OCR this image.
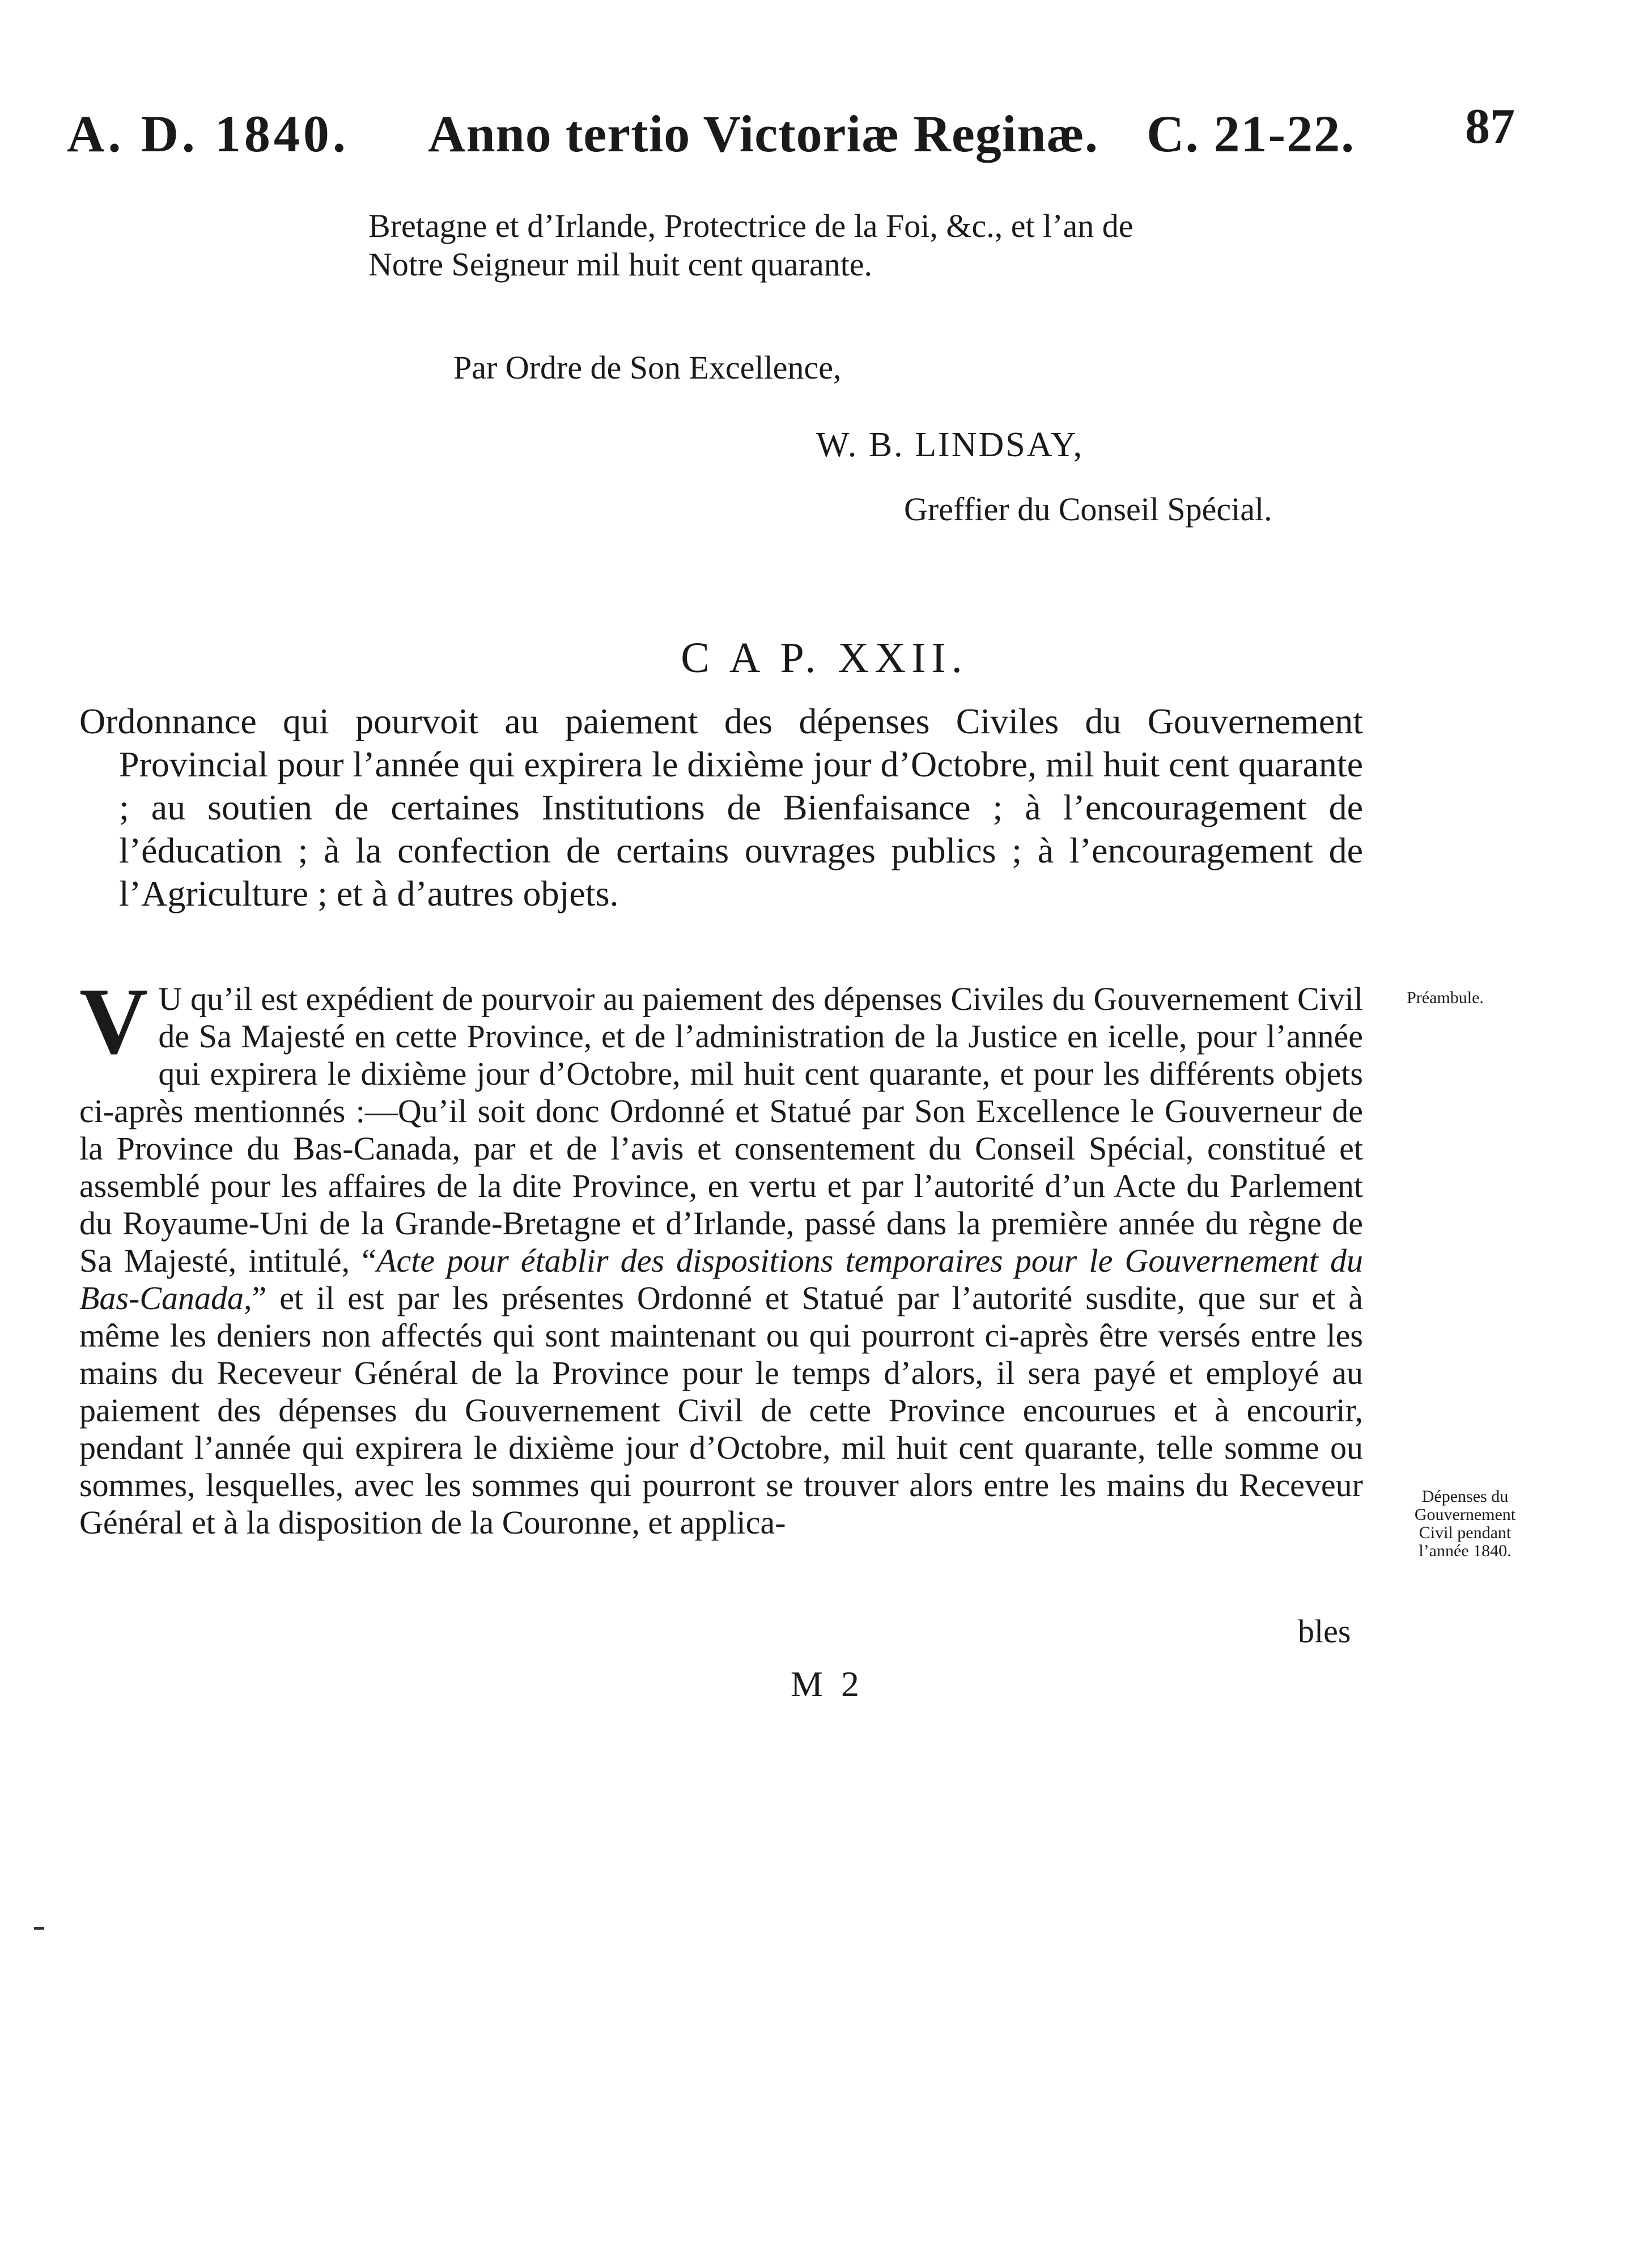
A. D. 1840. Anno tertio Victoriæ Reginæ. C. 21-22. 87

Bretagne et d’Irlande, Protectrice de la Foi, &c., et l’an de

Notre Seigneur mil huit cent quarante.

Par Ordre de Son Excellence,
W. B. LINDSAY,
Greffier du Conseil Spécial.
C A P. XXII.
Ordonnance qui pourvoit au paiement des dépenses Civiles du Gouvernement Provincial pour l’année qui expirera le dixième jour d’Octobre, mil huit cent quarante ; au soutien de certaines Institutions de Bienfaisance ; à l’encouragement de l’éducation ; à la confection de certains ouvrages publics ; à l’encouragement de l’Agriculture ; et à d’autres objets.
V U qu’il est expédient de pourvoir au paiement des dépenses Civiles du Gouvernement Civil de Sa Majesté en cette Province, et de l’administration de la Justice en icelle, pour l’année qui expirera le dixième jour d’Octobre, mil huit cent quarante, et pour les différents objets ci-après mentionnés :—Qu’il soit donc Ordonné et Statué par Son Excellence le Gouverneur de la Province du Bas-Canada, par et de l’avis et consentement du Conseil Spécial, constitué et assemblé pour les affaires de la dite Province, en vertu et par l’autorité d’un Acte du Parlement du Royaume-Uni de la Grande-Bretagne et d’Irlande, passé dans la première année du règne de Sa Majesté, intitulé, “Acte pour établir des dispositions temporaires pour le Gouvernement du Bas-Canada,” et il est par les présentes Ordonné et Statué par l’autorité susdite, que sur et à même les deniers non affectés qui sont maintenant ou qui pourront ci-après être versés entre les mains du Receveur Général de la Province pour le temps d’alors, il sera payé et employé au paiement des dépenses du Gouvernement Civil de cette Province encourues et à encourir, pendant l’année qui expirera le dixième jour d’Octobre, mil huit cent quarante, telle somme ou sommes, lesquelles, avec les sommes qui pourront se trouver alors entre les mains du Receveur Général et à la disposition de la Couronne, et applica-
bles
Préambule.
Dépenses du
Gouvernement
Civil pendant
l’année 1840.
M 2
